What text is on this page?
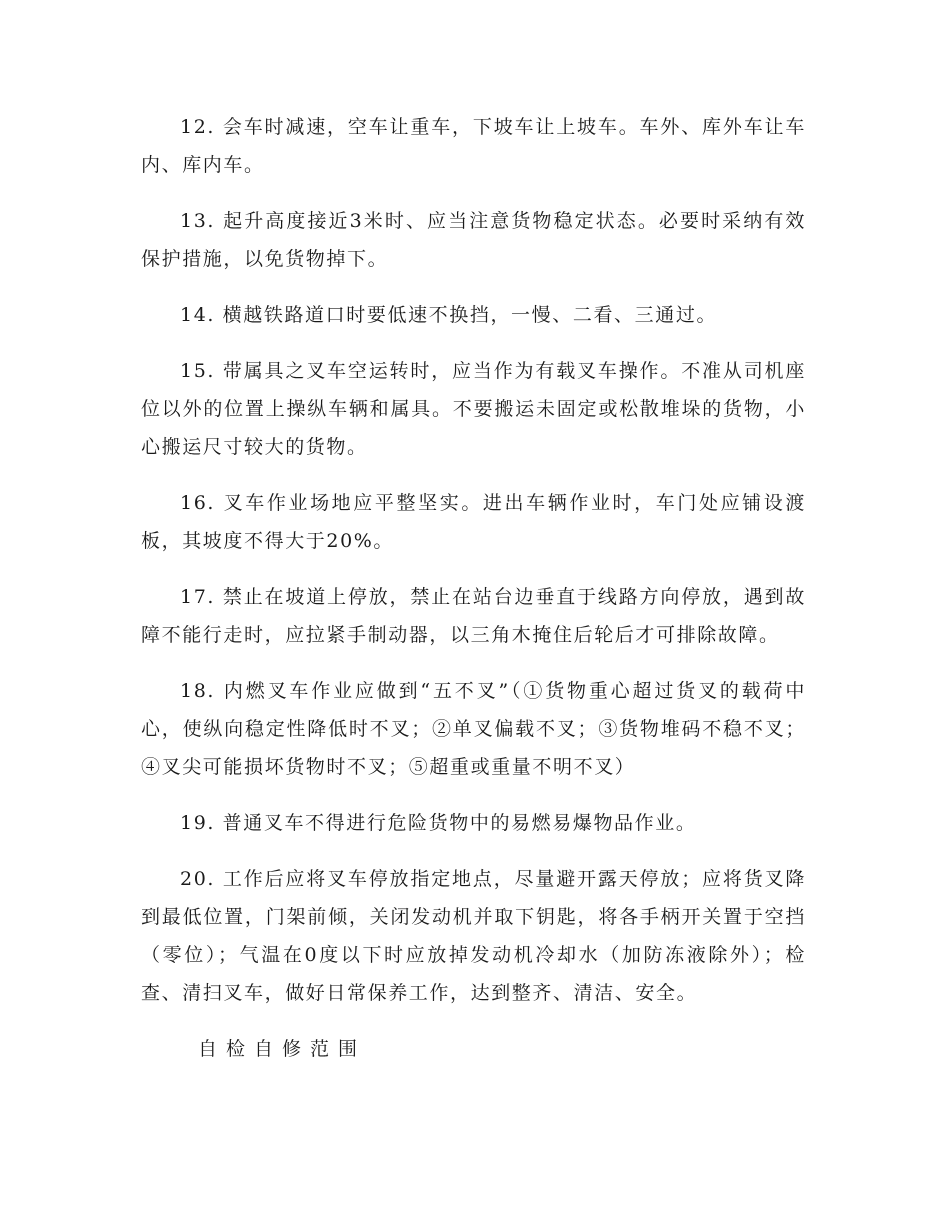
12. 会车时减速，空车让重车，下坡车让上坡车。车外、库外车让车内、库内车。

13. 起升高度接近3米时、应当注意货物稳定状态。必要时采纳有效保护措施，以免货物掉下。

14. 横越铁路道口时要低速不换挡，一慢、二看、三通过。

15. 带属具之叉车空运转时，应当作为有载叉车操作。不准从司机座位以外的位置上操纵车辆和属具。不要搬运未固定或松散堆垛的货物，小心搬运尺寸较大的货物。

16. 叉车作业场地应平整坚实。进出车辆作业时，车门处应铺设渡板，其坡度不得大于20%。

17. 禁止在坡道上停放，禁止在站台边垂直于线路方向停放，遇到故障不能行走时，应拉紧手制动器，以三角木掩住后轮后才可排除故障。

18. 内燃叉车作业应做到“五不叉”（①货物重心超过货叉的载荷中心，使纵向稳定性降低时不叉；②单叉偏载不叉；③货物堆码不稳不叉；④叉尖可能损坏货物时不叉；⑤超重或重量不明不叉）

19. 普通叉车不得进行危险货物中的易燃易爆物品作业。

20. 工作后应将叉车停放指定地点，尽量避开露天停放；应将货叉降到最低位置，门架前倾，关闭发动机并取下钥匙，将各手柄开关置于空挡（零位）；气温在0度以下时应放掉发动机冷却水（加防冻液除外）；检查、清扫叉车，做好日常保养工作，达到整齐、清洁、安全。

自检自修范围
